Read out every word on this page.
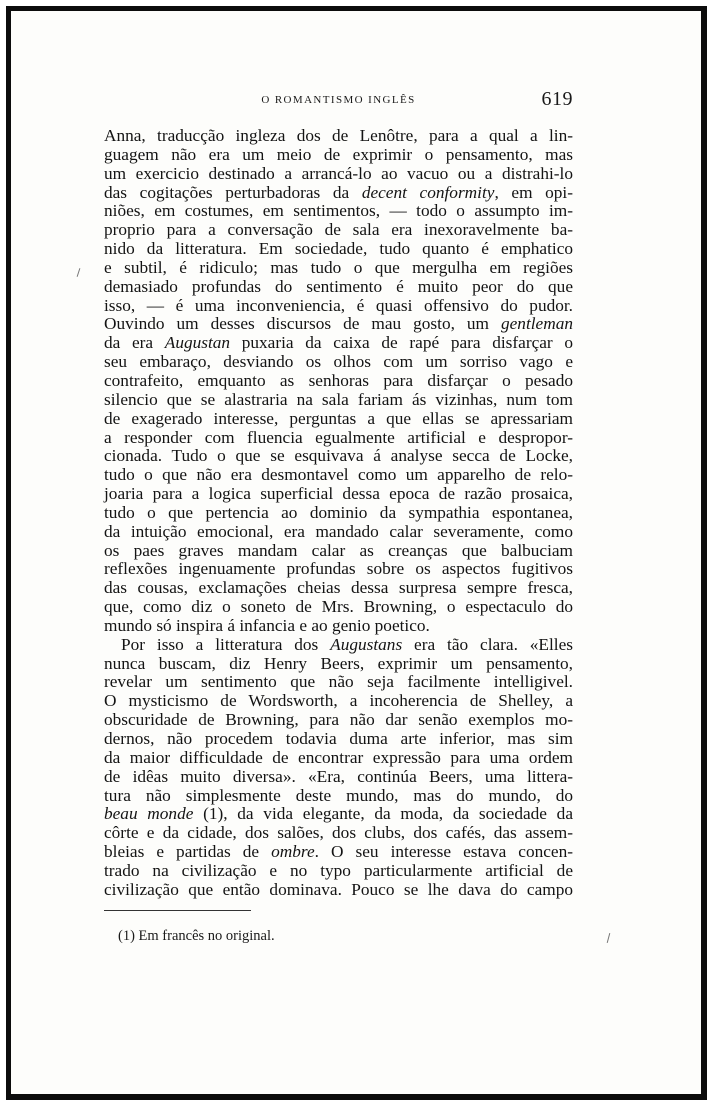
O ROMANTISMO INGLÊS	619
Anna, traducção ingleza dos de Lenôtre, para a qual a lin-
guagem não era um meio de exprimir o pensamento, mas
um exercicio destinado a arrancá-lo ao vacuo ou a distrahi-lo
das cogitações perturbadoras da decent conformity, em opi-
niões, em costumes, em sentimentos, — todo o assumpto im-
proprio para a conversação de sala era inexoravelmente ba-
nido da litteratura. Em sociedade, tudo quanto é emphatico
e subtil, é ridiculo; mas tudo o que mergulha em regiões
demasiado profundas do sentimento é muito peor do que
isso, — é uma inconveniencia, é quasi offensivo do pudor.
Ouvindo um desses discursos de mau gosto, um gentleman
da era Augustan puxaria da caixa de rapé para disfarçar o
seu embaraço, desviando os olhos com um sorriso vago e
contrafeito, emquanto as senhoras para disfarçar o pesado
silencio que se alastraria na sala fariam ás vizinhas, num tom
de exagerado interesse, perguntas a que ellas se apressariam
a responder com fluencia egualmente artificial e despropor-
cionada. Tudo o que se esquivava á analyse secca de Locke,
tudo o que não era desmontavel como um apparelho de relo-
joaria para a logica superficial dessa epoca de razão prosaica,
tudo o que pertencia ao dominio da sympathia espontanea,
da intuição emocional, era mandado calar severamente, como
os paes graves mandam calar as creanças que balbuciam
reflexões ingenuamente profundas sobre os aspectos fugitivos
das cousas, exclamações cheias dessa surpresa sempre fresca,
que, como diz o soneto de Mrs. Browning, o espectaculo do
mundo só inspira á infancia e ao genio poetico.
Por isso a litteratura dos Augustans era tão clara. «Elles
nunca buscam, diz Henry Beers, exprimir um pensamento,
revelar um sentimento que não seja facilmente intelligivel.
O mysticismo de Wordsworth, a incoherencia de Shelley, a
obscuridade de Browning, para não dar senão exemplos mo-
dernos, não procedem todavia duma arte inferior, mas sim
da maior difficuldade de encontrar expressão para uma ordem
de idêas muito diversa». «Era, continúa Beers, uma littera-
tura não simplesmente deste mundo, mas do mundo, do
beau monde (1), da vida elegante, da moda, da sociedade da
côrte e da cidade, dos salões, dos clubs, dos cafés, das assem-
bleias e partidas de ombre. O seu interesse estava concen-
trado na civilização e no typo particularmente artificial de
civilização que então dominava. Pouco se lhe dava do campo
(1) Em francês no original.
